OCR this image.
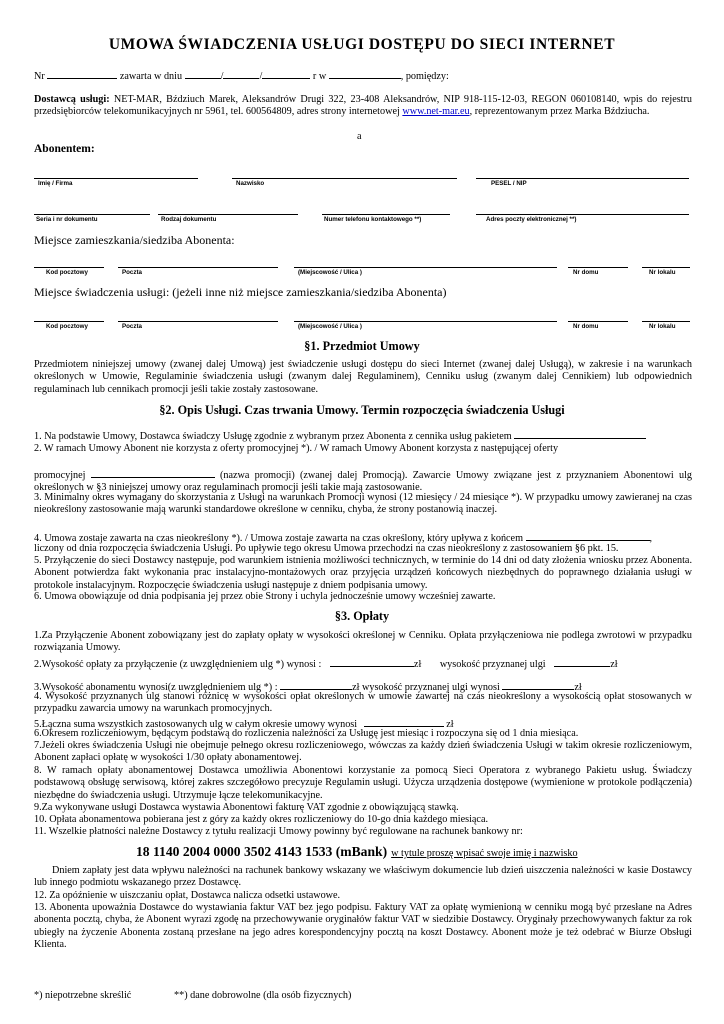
UMOWA ŚWIADCZENIA USŁUGI DOSTĘPU DO SIECI INTERNET
Nr	zawarta w dniu	/	/	r w	, pomiędzy:
Dostawcą usługi: NET-MAR, Bździuch Marek, Aleksandrów Drugi 322, 23-408 Aleksandrów, NIP 918-115-12-03, REGON 060108140, wpis do rejestru przedsiębiorców telekomunikacyjnych nr 5961, tel. 600564809, adres strony internetowej www.net-mar.eu, reprezentowanym przez Marka Bździucha.
a
Abonentem:
Imię / Firma	Nazwisko	PESEL / NIP
Seria i nr dokumentu	Rodzaj dokumentu	Numer telefonu kontaktowego **)	Adres poczty elektronicznej **)
Miejsce zamieszkania/siedziba Abonenta:
Kod pocztowy	Poczta	(Miejscowość / Ulica )	Nr domu	Nr lokalu
Miejsce świadczenia usługi: (jeżeli inne niż miejsce zamieszkania/siedziba Abonenta)
Kod pocztowy	Poczta	(Miejscowość / Ulica )	Nr domu	Nr lokalu
§1. Przedmiot Umowy
Przedmiotem niniejszej umowy (zwanej dalej Umową) jest świadczenie usługi dostępu do sieci Internet (zwanej dalej Usługą), w zakresie i na warunkach określonych w Umowie, Regulaminie świadczenia usługi (zwanym dalej Regulaminem), Cenniku usług (zwanym dalej Cennikiem) lub odpowiednich regulaminach lub cennikach promocji jeśli takie zostały zastosowane.
§2. Opis Usługi. Czas trwania Umowy. Termin rozpoczęcia świadczenia Usługi
1. Na podstawie Umowy, Dostawca świadczy Usługę zgodnie z wybranym przez Abonenta z cennika usług pakietem
2. W ramach Umowy Abonent nie korzysta z oferty promocyjnej *). / W ramach Umowy Abonent korzysta z następującej oferty
promocyjnej	(nazwa promocji) (zwanej dalej Promocją). Zawarcie Umowy związane jest z przyznaniem Abonentowi ulg określonych w §3 niniejszej umowy oraz regulaminach promocji jeśli takie mają zastosowanie.
3. Minimalny okres wymagany do skorzystania z Usługi na warunkach Promocji wynosi (12 miesięcy / 24 miesiące *). W przypadku umowy zawieranej na czas nieokreślony zastosowanie mają warunki standardowe określone w cenniku, chyba, że strony postanowią inaczej.
4. Umowa zostaje zawarta na czas nieokreślony *). / Umowa zostaje zawarta na czas określony, który upływa z końcem	,
liczony od dnia rozpoczęcia świadczenia Usługi. Po upływie tego okresu Umowa przechodzi na czas nieokreślony z zastosowaniem §6 pkt. 15.
5. Przyłączenie do sieci Dostawcy następuje, pod warunkiem istnienia możliwości technicznych, w terminie do 14 dni od daty złożenia wniosku przez Abonenta. Abonent potwierdza fakt wykonania prac instalacyjno-montażowych oraz przyjęcia urządzeń końcowych niezbędnych do poprawnego działania usługi w protokole instalacyjnym. Rozpoczęcie świadczenia usługi następuje z dniem podpisania umowy.
6. Umowa obowiązuje od dnia podpisania jej przez obie Strony i uchyla jednocześnie umowy wcześniej zawarte.
§3. Opłaty
1.Za Przyłączenie Abonent zobowiązany jest do zapłaty opłaty w wysokości określonej w Cenniku. Opłata przyłączeniowa nie podlega zwrotowi w przypadku rozwiązania Umowy.
2.Wysokość opłaty za przyłączenie (z uwzględnieniem ulg *) wynosi :	zł wysokość przyznanej ulgi	zł
3.Wysokość abonamentu wynosi(z uwzględnieniem ulg *) :	zł wysokość przyznanej ulgi wynosi	zł
4. Wysokość przyznanych ulg stanowi różnicę w wysokości opłat określonych w umowie zawartej na czas nieokreślony a wysokością opłat stosowanych w przypadku zawarcia umowy na warunkach promocyjnych.
5.Łączna suma wszystkich zastosowanych ulg w całym okresie umowy wynosi	zł
6.Okresem rozliczeniowym, będącym podstawą do rozliczenia należności za Usługę jest miesiąc i rozpoczyna się od 1 dnia miesiąca.
7.Jeżeli okres świadczenia Usługi nie obejmuje pełnego okresu rozliczeniowego, wówczas za każdy dzień świadczenia Usługi w takim okresie rozliczeniowym, Abonent zapłaci opłatę w wysokości 1/30 opłaty abonamentowej.
8. W ramach opłaty abonamentowej Dostawca umożliwia Abonentowi korzystanie za pomocą Sieci Operatora z wybranego Pakietu usług. Świadczy podstawową obsługę serwisową, której zakres szczegółowo precyzuje Regulamin usługi. Użycza urządzenia dostępowe (wymienione w protokole podłączenia) niezbędne do świadczenia usługi. Utrzymuje łącze telekomunikacyjne.
9.Za wykonywane usługi Dostawca wystawia Abonentowi fakturę VAT zgodnie z obowiązującą stawką.
10. Opłata abonamentowa pobierana jest z góry za każdy okres rozliczeniowy do 10-go dnia każdego miesiąca.
11. Wszelkie płatności należne Dostawcy z tytułu realizacji Umowy powinny być regulowane na rachunek bankowy nr:
18 1140 2004 0000 3502 4143 1533 (mBank) w tytule proszę wpisać swoje imię i nazwisko
Dniem zapłaty jest data wpływu należności na rachunek bankowy wskazany we właściwym dokumencie lub dzień uiszczenia należności w kasie Dostawcy lub innego podmiotu wskazanego przez Dostawcę.
12. Za opóźnienie w uiszczaniu opłat, Dostawca nalicza odsetki ustawowe.
13. Abonenta upoważnia Dostawce do wystawiania faktur VAT bez jego podpisu. Faktury VAT za opłatę wymienioną w cenniku mogą być przesłane na Adres abonenta pocztą, chyba, że Abonent wyrazi zgodę na przechowywanie oryginałów faktur VAT w siedzibie Dostawcy. Oryginały przechowywanych faktur za rok ubiegły na życzenie Abonenta zostaną przesłane na jego adres korespondencyjny pocztą na koszt Dostawcy. Abonent może je też odebrać w Biurze Obsługi Klienta.
*) niepotrzebne skreślić	**) dane dobrowolne (dla osób fizycznych)
